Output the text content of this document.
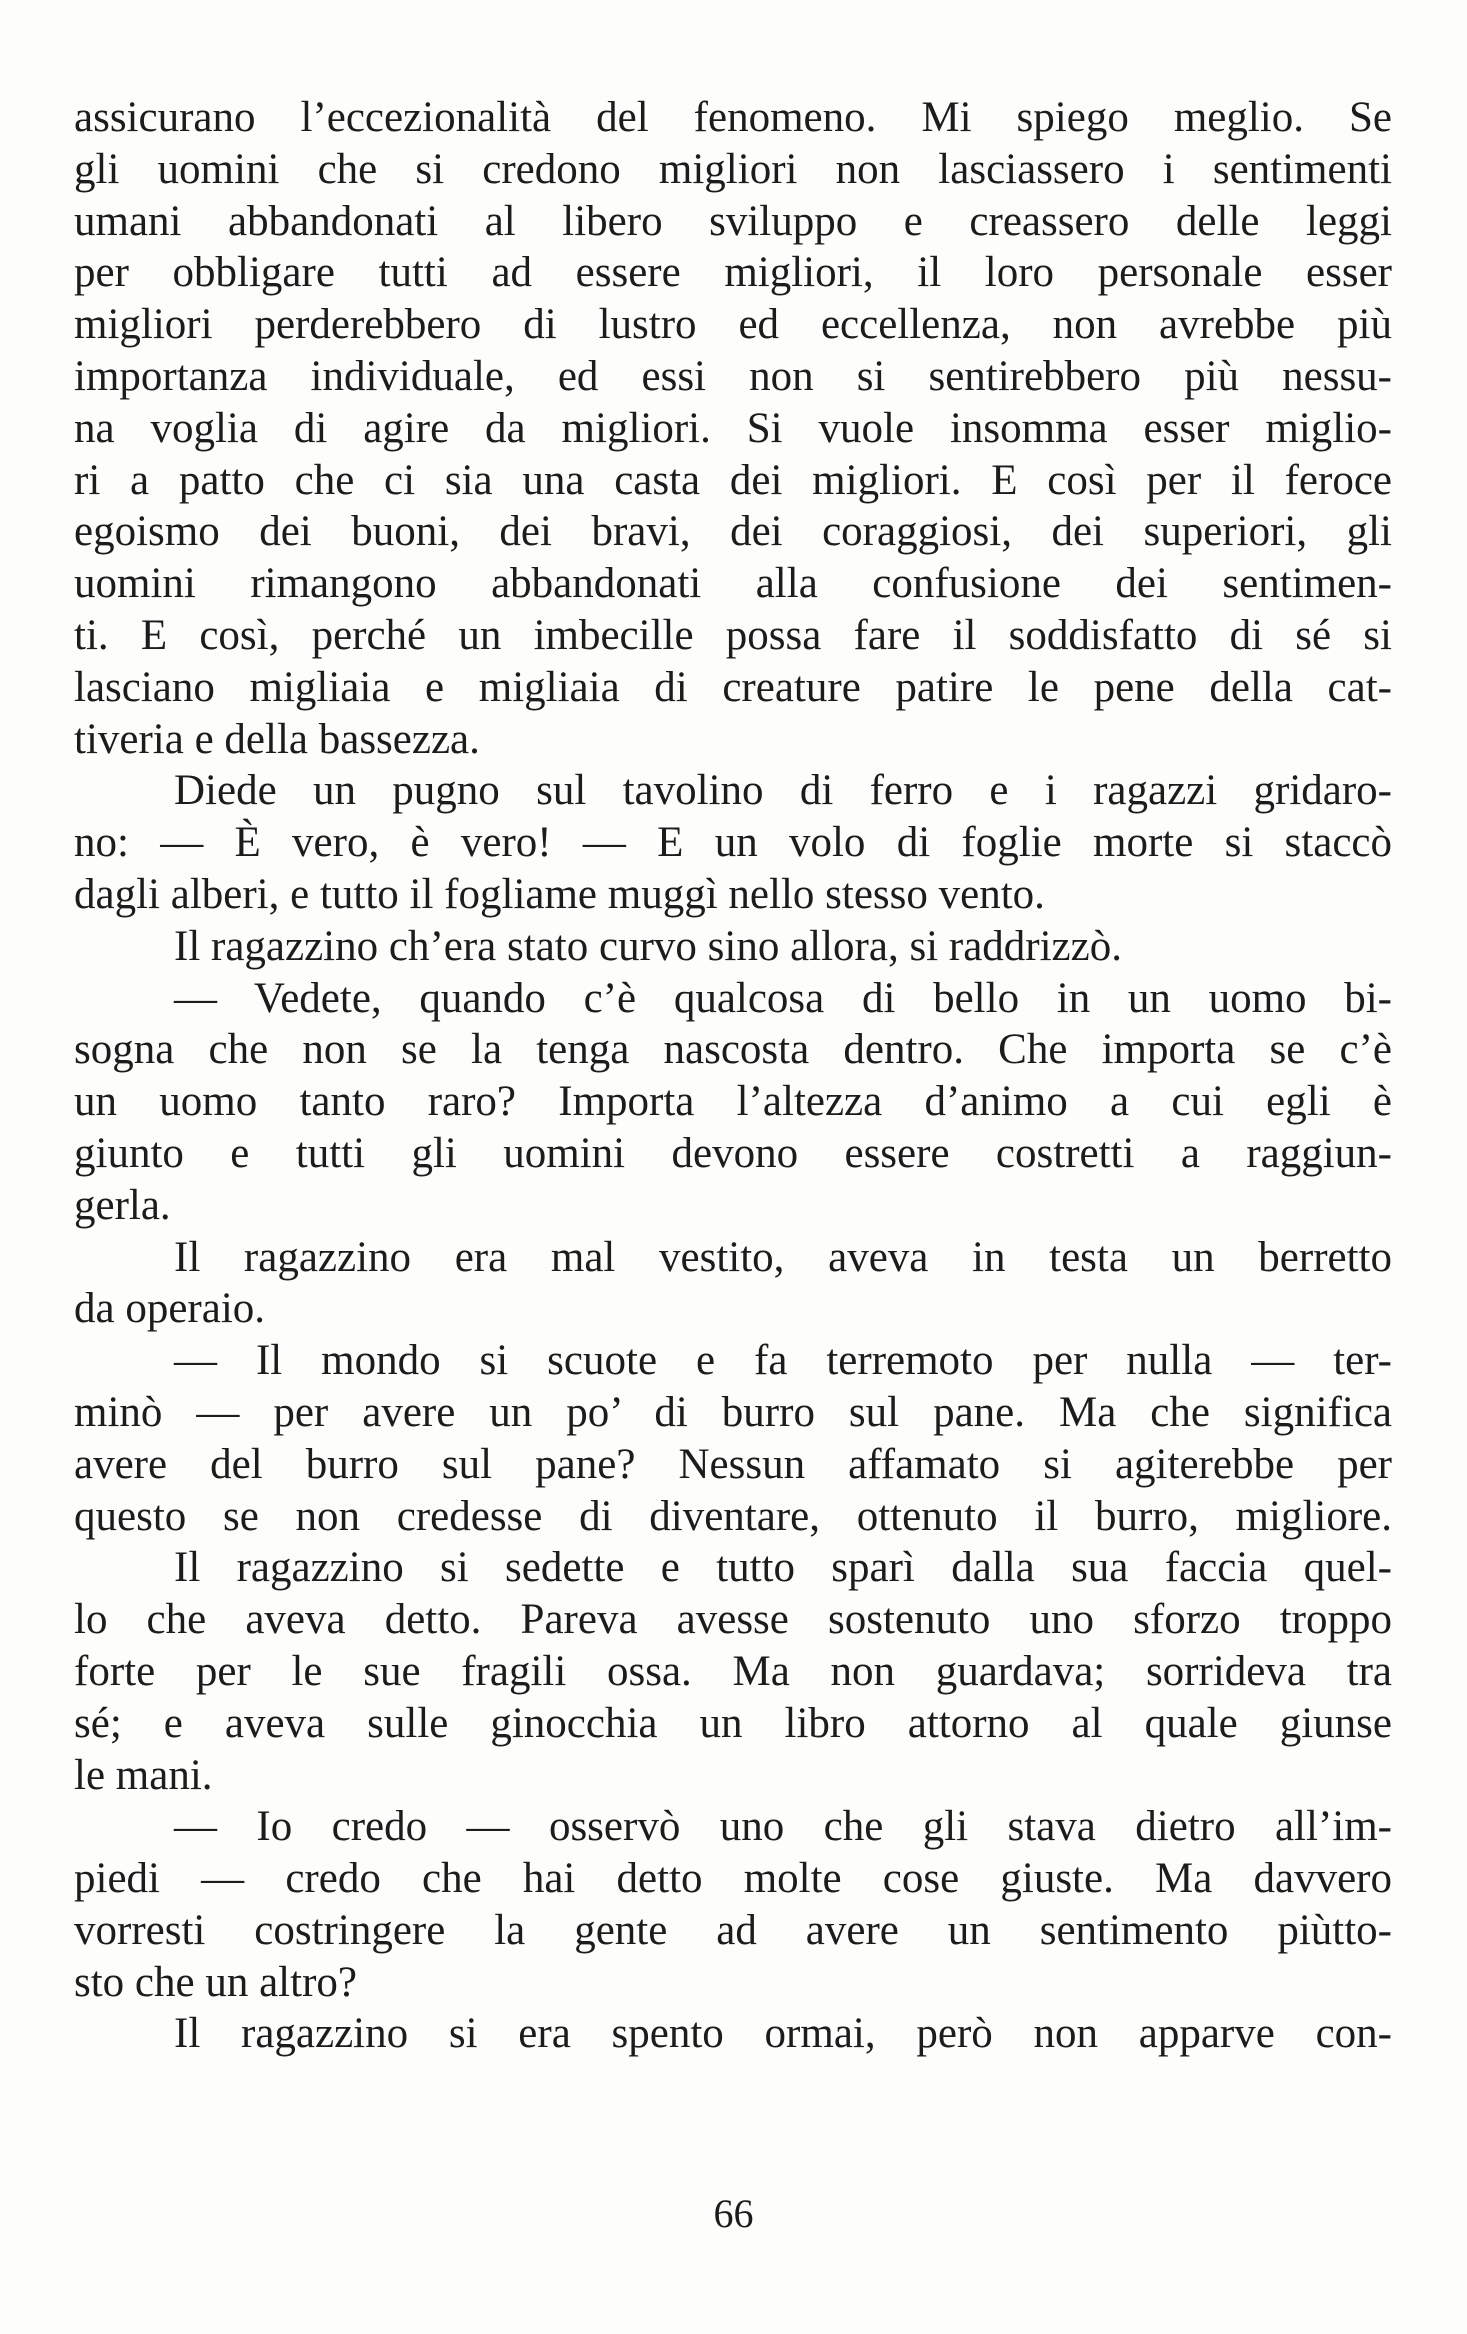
assicurano l’eccezionalità del fenomeno. Mi spiego meglio. Se
gli uomini che si credono migliori non lasciassero i sentimenti
umani abbandonati al libero sviluppo e creassero delle leggi
per obbligare tutti ad essere migliori, il loro personale esser
migliori perderebbero di lustro ed eccellenza, non avrebbe più
importanza individuale, ed essi non si sentirebbero più nessu-
na voglia di agire da migliori. Si vuole insomma esser miglio-
ri a patto che ci sia una casta dei migliori. E così per il feroce
egoismo dei buoni, dei bravi, dei coraggiosi, dei superiori, gli
uomini rimangono abbandonati alla confusione dei sentimen-
ti. E così, perché un imbecille possa fare il soddisfatto di sé si
lasciano migliaia e migliaia di creature patire le pene della cat-
tiveria e della bassezza.
Diede un pugno sul tavolino di ferro e i ragazzi gridaro-
no: — È vero, è vero! — E un volo di foglie morte si staccò
dagli alberi, e tutto il fogliame muggì nello stesso vento.
Il ragazzino ch’era stato curvo sino allora, si raddrizzò.
— Vedete, quando c’è qualcosa di bello in un uomo bi-
sogna che non se la tenga nascosta dentro. Che importa se c’è
un uomo tanto raro? Importa l’altezza d’animo a cui egli è
giunto e tutti gli uomini devono essere costretti a raggiun-
gerla.
Il ragazzino era mal vestito, aveva in testa un berretto
da operaio.
— Il mondo si scuote e fa terremoto per nulla — ter-
minò — per avere un po’ di burro sul pane. Ma che significa
avere del burro sul pane? Nessun affamato si agiterebbe per
questo se non credesse di diventare, ottenuto il burro, migliore.
Il ragazzino si sedette e tutto sparì dalla sua faccia quel-
lo che aveva detto. Pareva avesse sostenuto uno sforzo troppo
forte per le sue fragili ossa. Ma non guardava; sorrideva tra
sé; e aveva sulle ginocchia un libro attorno al quale giunse
le mani.
— Io credo — osservò uno che gli stava dietro all’im-
piedi — credo che hai detto molte cose giuste. Ma davvero
vorresti costringere la gente ad avere un sentimento piùtto-
sto che un altro?
Il ragazzino si era spento ormai, però non apparve con-
66
